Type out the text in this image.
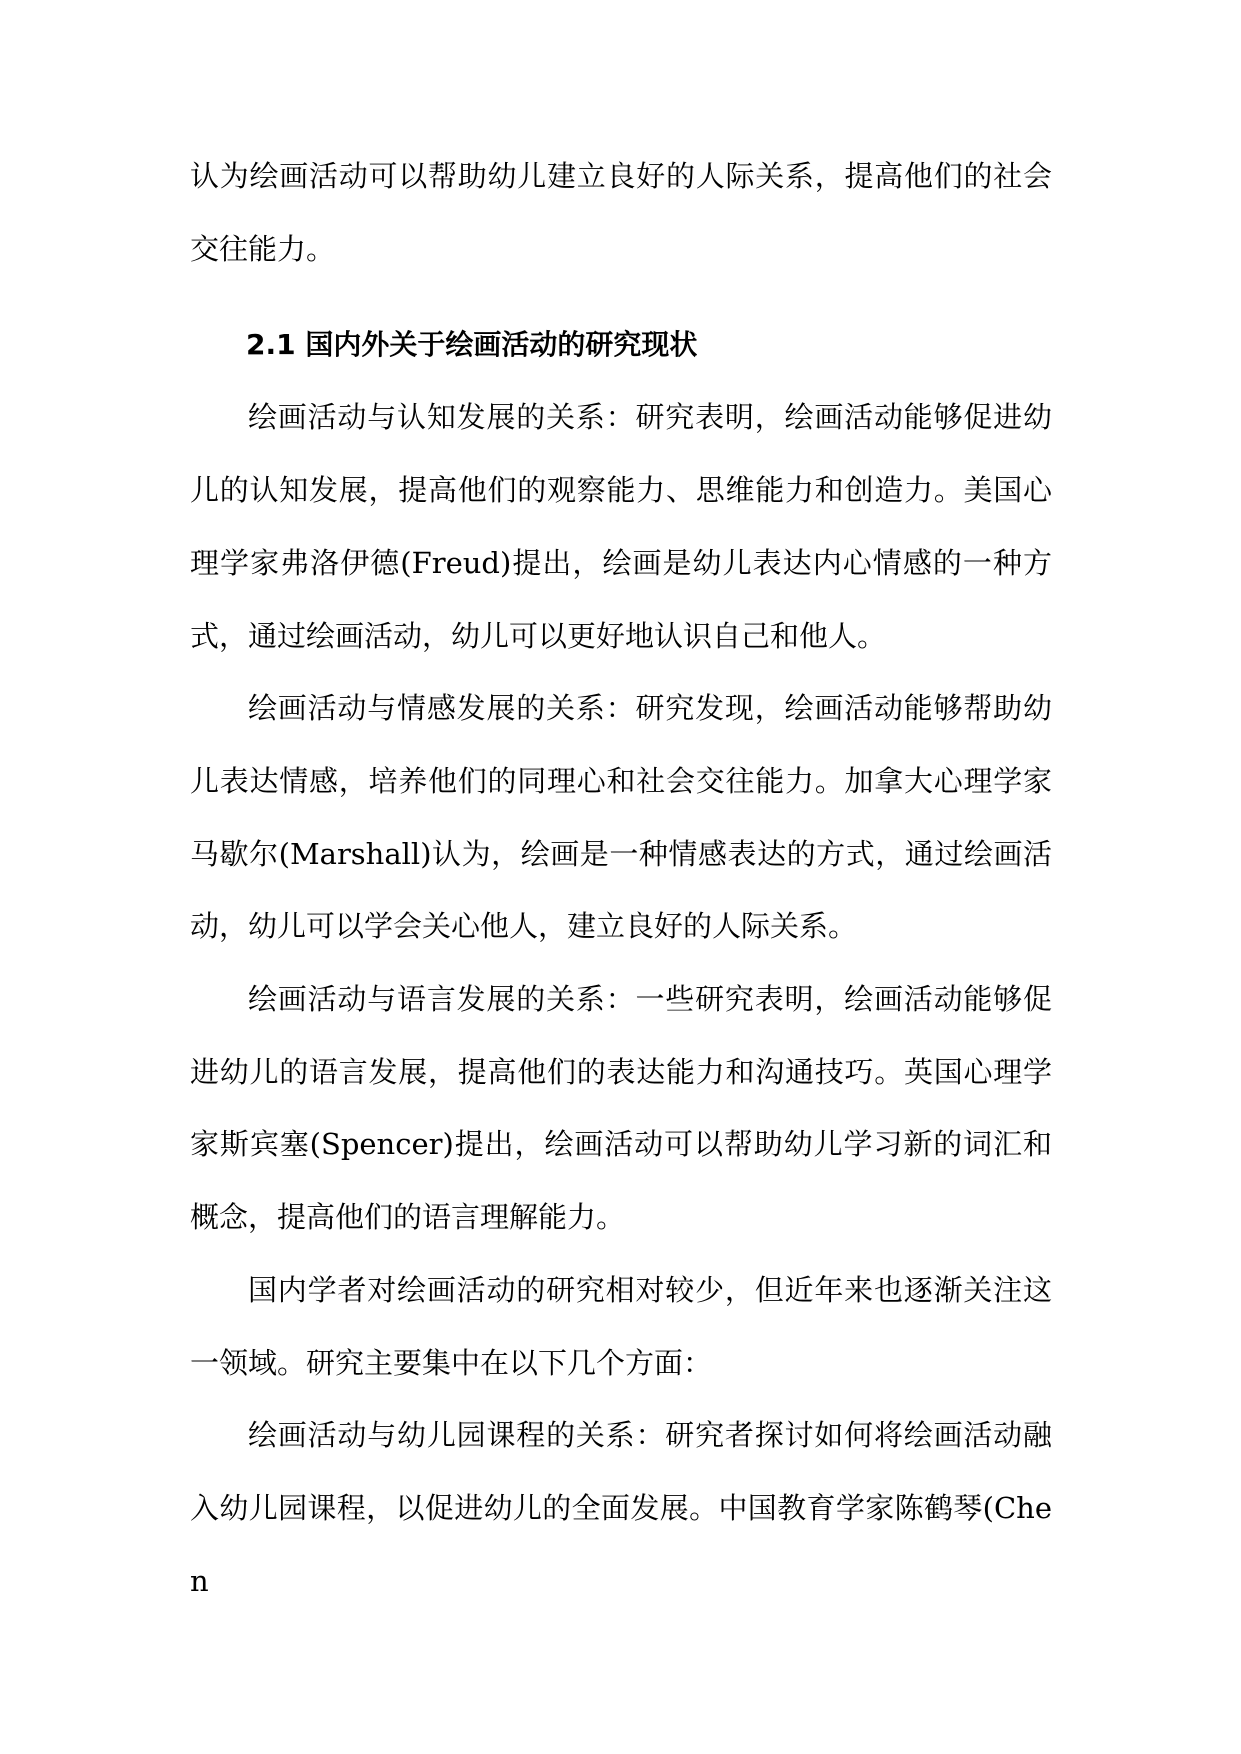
认为绘画活动可以帮助幼儿建立良好的人际关系，提高他们的社会交往能力。

2.1 国内外关于绘画活动的研究现状

绘画活动与认知发展的关系：研究表明，绘画活动能够促进幼儿的认知发展，提高他们的观察能力、思维能力和创造力。美国心理学家弗洛伊德(Freud)提出，绘画是幼儿表达内心情感的一种方式，通过绘画活动，幼儿可以更好地认识自己和他人。

绘画活动与情感发展的关系：研究发现，绘画活动能够帮助幼儿表达情感，培养他们的同理心和社会交往能力。加拿大心理学家马歇尔(Marshall)认为，绘画是一种情感表达的方式，通过绘画活动，幼儿可以学会关心他人，建立良好的人际关系。

绘画活动与语言发展的关系：一些研究表明，绘画活动能够促进幼儿的语言发展，提高他们的表达能力和沟通技巧。英国心理学家斯宾塞(Spencer)提出，绘画活动可以帮助幼儿学习新的词汇和概念，提高他们的语言理解能力。

国内学者对绘画活动的研究相对较少，但近年来也逐渐关注这一领域。研究主要集中在以下几个方面：

绘画活动与幼儿园课程的关系：研究者探讨如何将绘画活动融入幼儿园课程，以促进幼儿的全面发展。中国教育学家陈鹤琴(Chen
